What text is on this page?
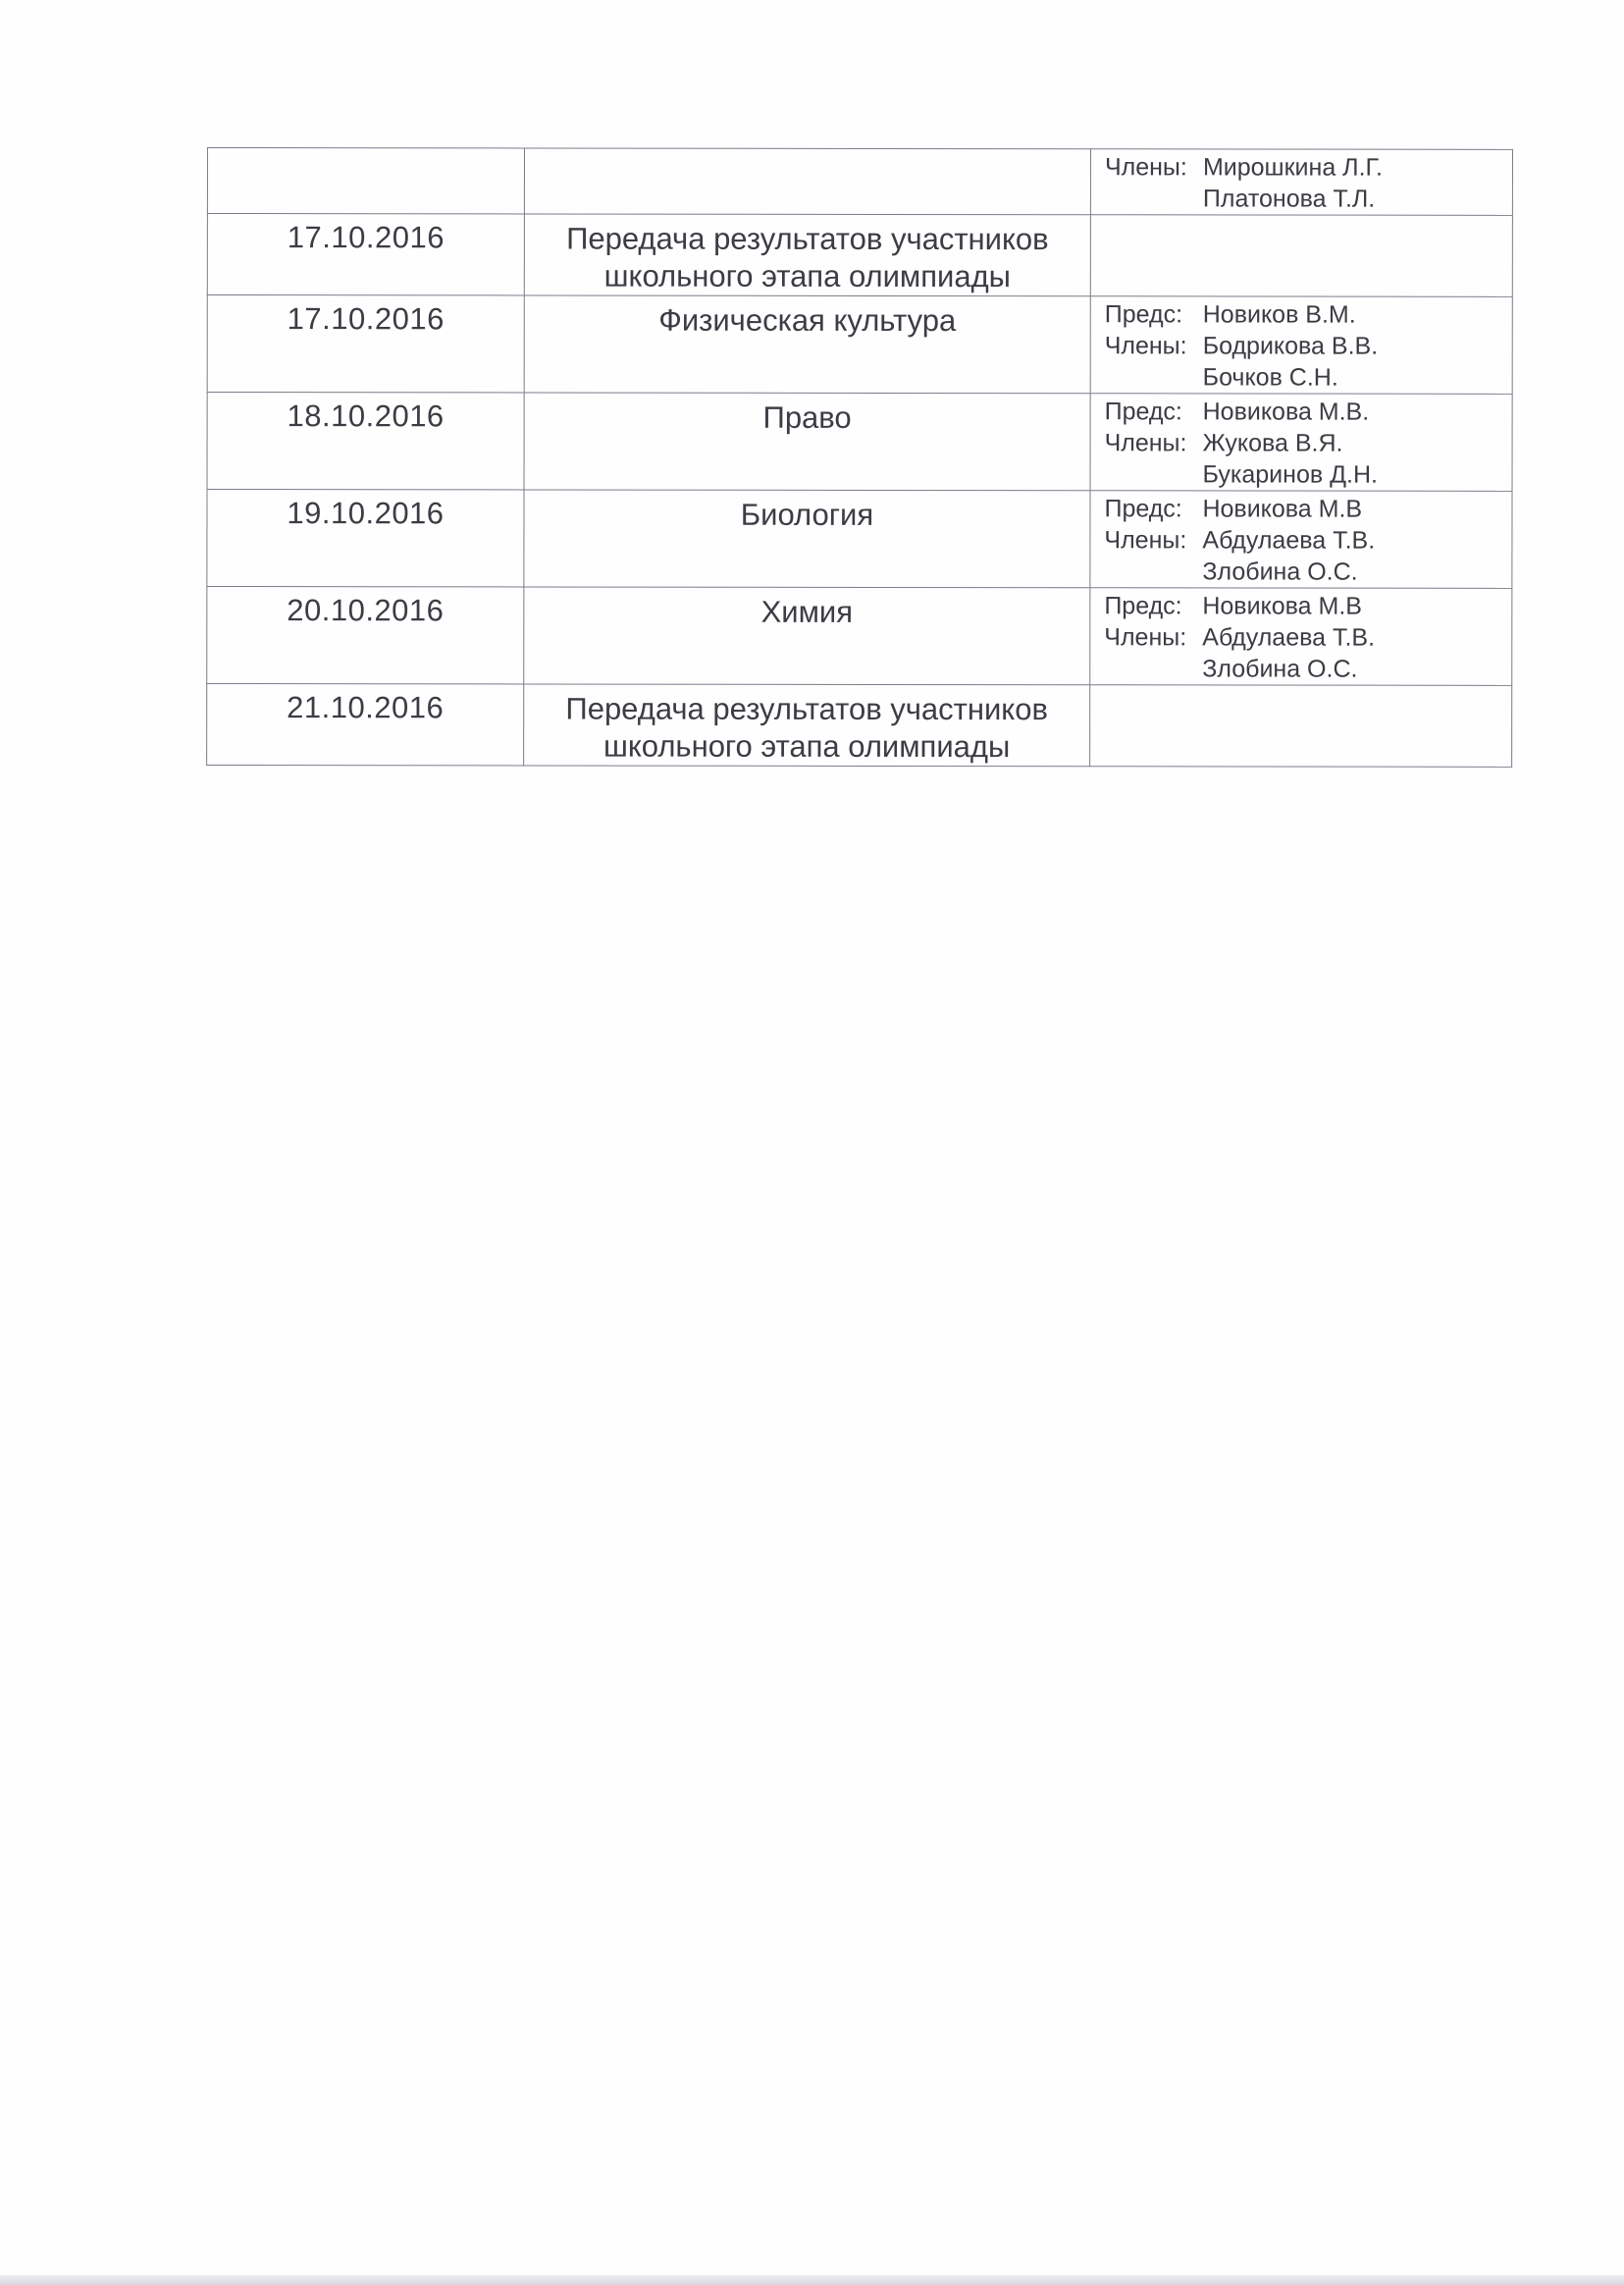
		Члены: Мирошкина Л.Г.
Платонова Т.Л.

17.10.2016	Передача результатов участников школьного этапа олимпиады	
17.10.2016	Физическая культура	Предс: Новиков В.М.
Члены: Бодрикова В.В.
Бочков С.Н.

18.10.2016	Право	Предс: Новикова М.В.
Члены: Жукова В.Я.
Букаринов Д.Н.

19.10.2016	Биология	Предс: Новикова М.В
Члены: Абдулаева Т.В.
Злобина О.С.

20.10.2016	Химия	Предс: Новикова М.В
Члены: Абдулаева Т.В.
Злобина О.С.

21.10.2016	Передача результатов участников школьного этапа олимпиады	
